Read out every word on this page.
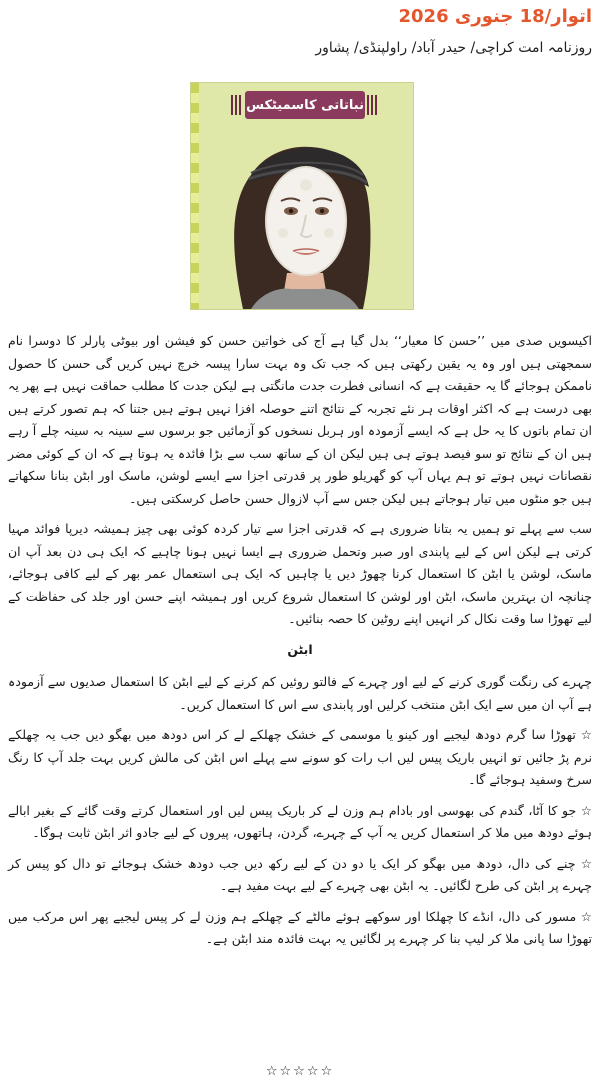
اتوار/18 جنوری 2026
روزنامہ امت کراچی/ حیدر آباد/ راولپنڈی/ پشاور
نباتاتی کاسمیٹکس

اکیسویں صدی میں ’’حسن کا معیار‘‘ بدل گیا ہے آج کی خواتین حسن کو فیشن اور بیوٹی پارلر کا دوسرا نام سمجھتی ہیں اور وہ یہ یقین رکھتی ہیں کہ جب تک وہ بہت سارا پیسہ خرچ نہیں کریں گی حسن کا حصول ناممکن ہوجائے گا یہ حقیقت ہے کہ انسانی فطرت جدت مانگتی ہے لیکن جدت کا مطلب حماقت نہیں ہے پھر یہ بھی درست ہے کہ اکثر اوقات ہر نئے تجربہ کے نتائج اتنے حوصلہ افزا نہیں ہوتے ہیں جتنا کہ ہم تصور کرتے ہیں ان تمام باتوں کا یہ حل ہے کہ ایسے آزمودہ اور ہربل نسخوں کو آزمائیں جو برسوں سے سینہ بہ سینہ چلے آ رہے ہیں ان کے نتائج تو سو فیصد ہوتے ہی ہیں لیکن ان کے ساتھ سب سے بڑا فائدہ یہ ہوتا ہے کہ ان کے کوئی مضر نقصانات نہیں ہوتے تو ہم یہاں آپ کو گھریلو طور پر قدرتی اجزا سے ایسے لوشن، ماسک اور ابٹن بنانا سکھاتے ہیں جو منٹوں میں تیار ہوجاتے ہیں لیکن جس سے آپ لازوال حسن حاصل کرسکتی ہیں۔

سب سے پہلے تو ہمیں یہ بتانا ضروری ہے کہ قدرتی اجزا سے تیار کردہ کوئی بھی چیز ہمیشہ دیرپا فوائد مہیا کرتی ہے لیکن اس کے لیے پابندی اور صبر وتحمل ضروری ہے ایسا نہیں ہونا چاہیے کہ ایک ہی دن بعد آپ ان ماسک، لوشن یا ابٹن کا استعمال کرنا چھوڑ دیں یا چاہیں کہ ایک ہی استعمال عمر بھر کے لیے کافی ہوجائے، چنانچہ ان بہترین ماسک، ابٹن اور لوشن کا استعمال شروع کریں اور ہمیشہ اپنے حسن اور جلد کی حفاظت کے لیے تھوڑا سا وقت نکال کر انہیں اپنے روٹین کا حصہ بنائیں۔

ابٹن

چہرے کی رنگت گوری کرنے کے لیے اور چہرے کے فالتو روئیں کم کرنے کے لیے ابٹن کا استعمال صدیوں سے آزمودہ ہے آپ ان میں سے ایک ابٹن منتخب کرلیں اور پابندی سے اس کا استعمال کریں۔

☆ تھوڑا سا گرم دودھ لیجیے اور کینو یا موسمی کے خشک چھلکے لے کر اس دودھ میں بھگو دیں جب یہ چھلکے نرم پڑ جائیں تو انہیں باریک پیس لیں اب رات کو سونے سے پہلے اس ابٹن کی مالش کریں بہت جلد آپ کا رنگ سرخ وسفید ہوجائے گا۔

☆ جو کا آٹا، گندم کی بھوسی اور بادام ہم وزن لے کر باریک پیس لیں اور استعمال کرتے وقت گائے کے بغیر ابالے ہوئے دودھ میں ملا کر استعمال کریں یہ آپ کے چہرے، گردن، ہاتھوں، پیروں کے لیے جادو اثر ابٹن ثابت ہوگا۔

☆ چنے کی دال، دودھ میں بھگو کر ایک یا دو دن کے لیے رکھ دیں جب دودھ خشک ہوجائے تو دال کو پیس کر چہرے پر ابٹن کی طرح لگائیں۔ یہ ابٹن بھی چہرے کے لیے بہت مفید ہے۔

☆ مسور کی دال، انڈے کا چھلکا اور سوکھے ہوئے مالٹے کے چھلکے ہم وزن لے کر پیس لیجیے پھر اس مرکب میں تھوڑا سا پانی ملا کر لیپ بنا کر چہرے پر لگائیں یہ بہت فائدہ مند ابٹن ہے۔

☆☆☆☆☆
